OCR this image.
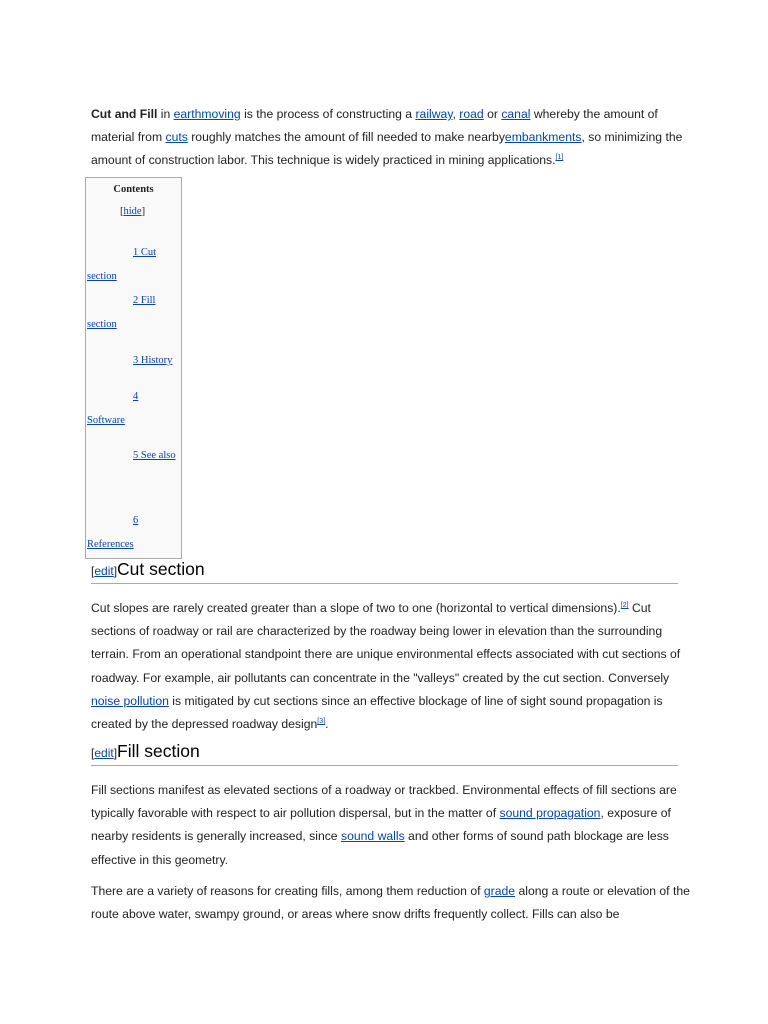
Cut and Fill in earthmoving is the process of constructing a railway, road or canal whereby the amount of material from cuts roughly matches the amount of fill needed to make nearbyembankments, so minimizing the amount of construction labor. This technique is widely practiced in mining applications.[1]

Contents
[hide]
1 Cut section
2 Fill section
3 History
4 Software
5 See also
6 References
[edit]Cut section

Cut slopes are rarely created greater than a slope of two to one (horizontal to vertical dimensions).[2] Cut sections of roadway or rail are characterized by the roadway being lower in elevation than the surrounding terrain. From an operational standpoint there are unique environmental effects associated with cut sections of roadway. For example, air pollutants can concentrate in the "valleys" created by the cut section. Conversely noise pollution is mitigated by cut sections since an effective blockage of line of sight sound propagation is created by the depressed roadway design[3].

[edit]Fill section

Fill sections manifest as elevated sections of a roadway or trackbed. Environmental effects of fill sections are typically favorable with respect to air pollution dispersal, but in the matter of sound propagation, exposure of nearby residents is generally increased, since sound walls and other forms of sound path blockage are less effective in this geometry.

There are a variety of reasons for creating fills, among them reduction of grade along a route or elevation of the route above water, swampy ground, or areas where snow drifts frequently collect. Fills can also be
